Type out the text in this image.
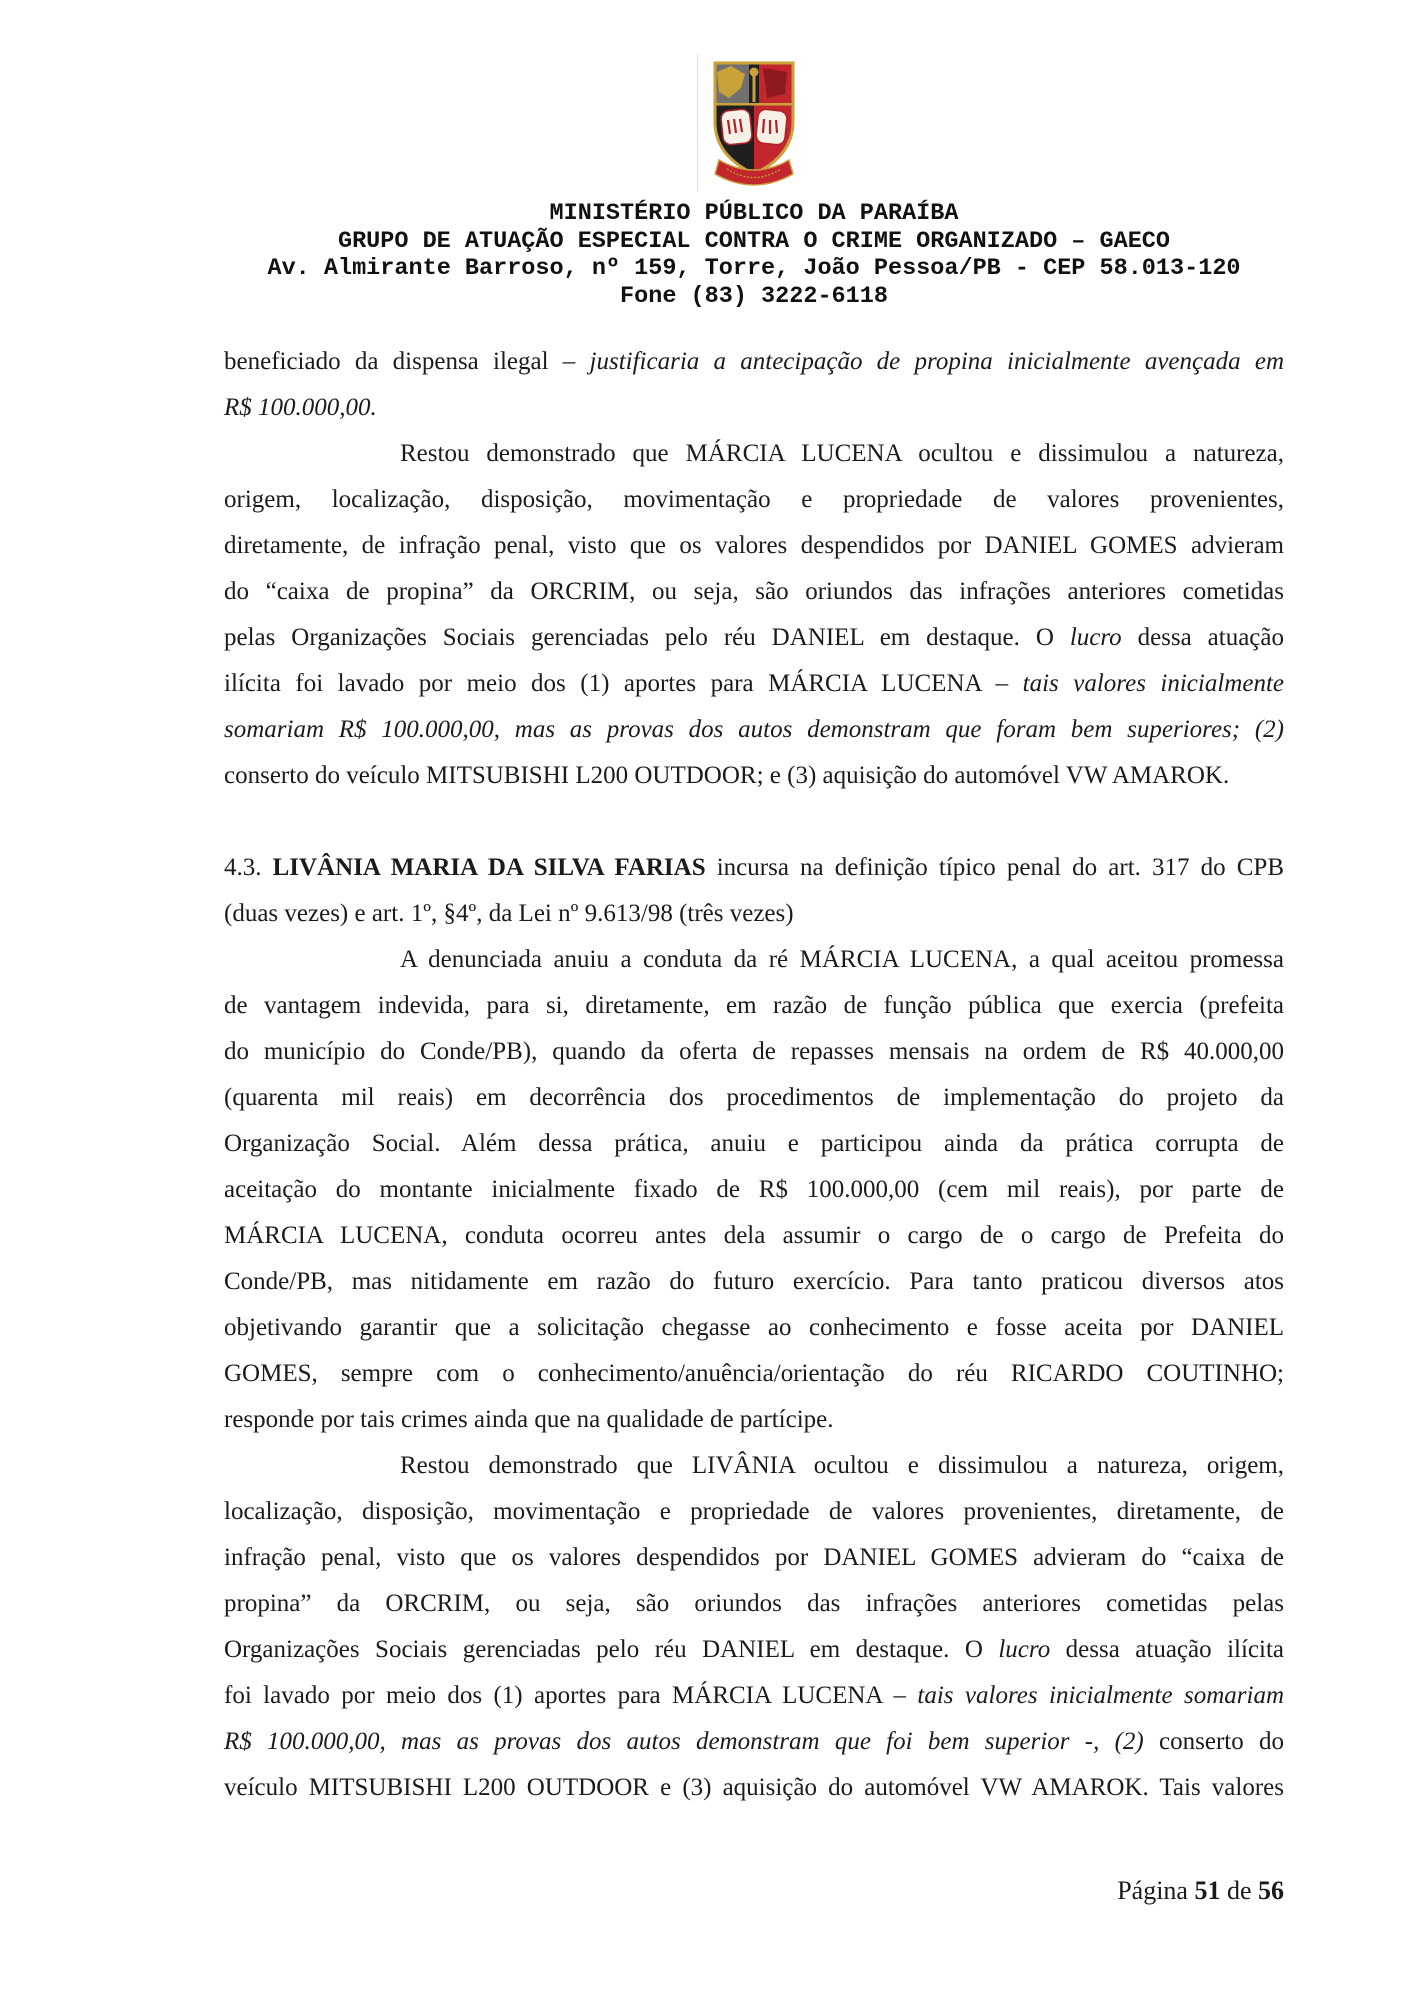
MINISTÉRIO PÚBLICO DA PARAÍBA
GRUPO DE ATUAÇÃO ESPECIAL CONTRA O CRIME ORGANIZADO – GAECO
Av. Almirante Barroso, nº 159, Torre, João Pessoa/PB - CEP 58.013-120
Fone (83) 3222-6118
beneficiado da dispensa ilegal – justificaria a antecipação de propina inicialmente avençada em
R$ 100.000,00.
Restou demonstrado que MÁRCIA LUCENA ocultou e dissimulou a natureza,
origem, localização, disposição, movimentação e propriedade de valores provenientes,
diretamente, de infração penal, visto que os valores despendidos por DANIEL GOMES advieram
do “caixa de propina” da ORCRIM, ou seja, são oriundos das infrações anteriores cometidas
pelas Organizações Sociais gerenciadas pelo réu DANIEL em destaque. O lucro dessa atuação
ilícita foi lavado por meio dos (1) aportes para MÁRCIA LUCENA – tais valores inicialmente
somariam R$ 100.000,00, mas as provas dos autos demonstram que foram bem superiores; (2)
conserto do veículo MITSUBISHI L200 OUTDOOR; e (3) aquisição do automóvel VW AMAROK.
4.3. LIVÂNIA MARIA DA SILVA FARIAS incursa na definição típico penal do art. 317 do CPB
(duas vezes) e art. 1º, §4º, da Lei nº 9.613/98 (três vezes)
A denunciada anuiu a conduta da ré MÁRCIA LUCENA, a qual aceitou promessa
de vantagem indevida, para si, diretamente, em razão de função pública que exercia (prefeita
do município do Conde/PB), quando da oferta de repasses mensais na ordem de R$ 40.000,00
(quarenta mil reais) em decorrência dos procedimentos de implementação do projeto da
Organização Social. Além dessa prática, anuiu e participou ainda da prática corrupta de
aceitação do montante inicialmente fixado de R$ 100.000,00 (cem mil reais), por parte de
MÁRCIA LUCENA, conduta ocorreu antes dela assumir o cargo de o cargo de Prefeita do
Conde/PB, mas nitidamente em razão do futuro exercício. Para tanto praticou diversos atos
objetivando garantir que a solicitação chegasse ao conhecimento e fosse aceita por DANIEL
GOMES, sempre com o conhecimento/anuência/orientação do réu RICARDO COUTINHO;
responde por tais crimes ainda que na qualidade de partícipe.
Restou demonstrado que LIVÂNIA ocultou e dissimulou a natureza, origem,
localização, disposição, movimentação e propriedade de valores provenientes, diretamente, de
infração penal, visto que os valores despendidos por DANIEL GOMES advieram do “caixa de
propina” da ORCRIM, ou seja, são oriundos das infrações anteriores cometidas pelas
Organizações Sociais gerenciadas pelo réu DANIEL em destaque. O lucro dessa atuação ilícita
foi lavado por meio dos (1) aportes para MÁRCIA LUCENA – tais valores inicialmente somariam
R$ 100.000,00, mas as provas dos autos demonstram que foi bem superior -, (2) conserto do
veículo MITSUBISHI L200 OUTDOOR e (3) aquisição do automóvel VW AMAROK. Tais valores
Página 51 de 56
